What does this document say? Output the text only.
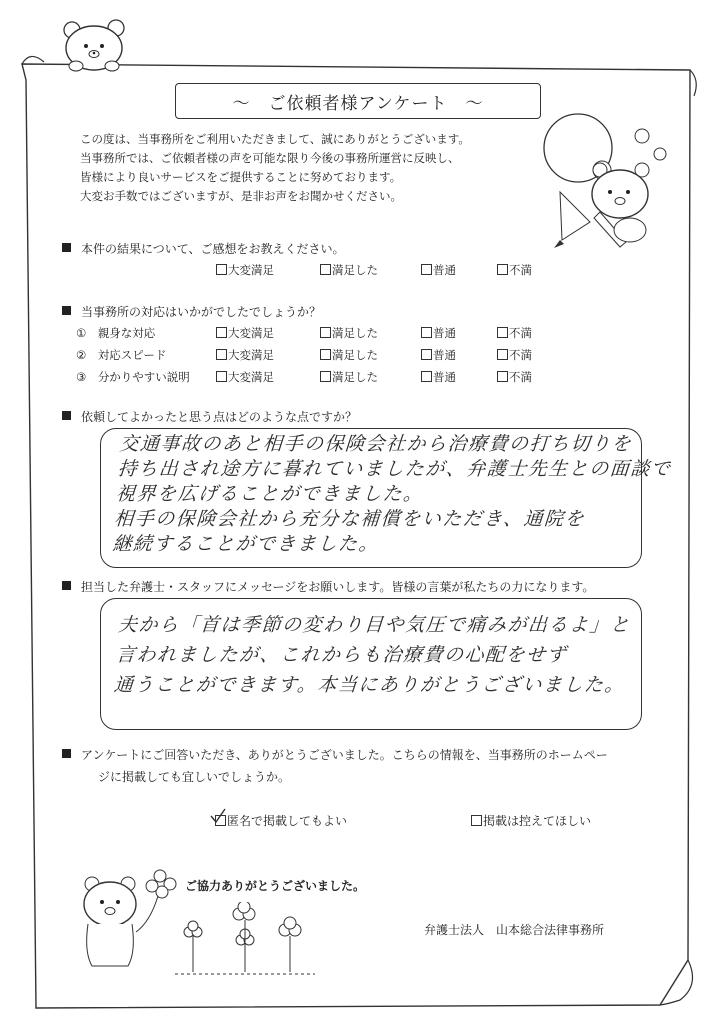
～　ご依頼者様アンケート　～

この度は、当事務所をご利用いただきまして、誠にありがとうございます。

当事務所では、ご依頼者様の声を可能な限り今後の事務所運営に反映し、

皆様により良いサービスをご提供することに努めております。

大変お手数ではございますが、是非お声をお聞かせください。

本件の結果について、ご感想をお教えください。
大変満足	満足した	普通	不満
当事務所の対応はいかがでしたでしょうか？
①　 親身な対応	大変満足	満足した	普通	不満
②　 対応スピード	大変満足	満足した	普通	不満
③　 分かりやすい説明	大変満足	満足した	普通	不満
依頼してよかったと思う点はどのような点ですか？

交通事故のあと相手の保険会社から治療費の打ち切りを

持ち出され途方に暮れていましたが、弁護士先生との面談で

視界を広げることができました。

相手の保険会社から充分な補償をいただき、通院を

継続することができました。

担当した弁護士・スタッフにメッセージをお願いします。皆様の言葉が私たちの力になります。

夫から「首は季節の変わり目や気圧で痛みが出るよ」と

言われましたが、これからも治療費の心配をせず

通うことができます。本当にありがとうございました。

アンケートにご回答いただき、ありがとうございました。こちらの情報を、当事務所のホームペー
ジに掲載しても宜しいでしょうか。
匿名で掲載してもよい	掲載は控えてほしい
ご協力ありがとうございました。
弁護士法人　山本総合法律事務所
